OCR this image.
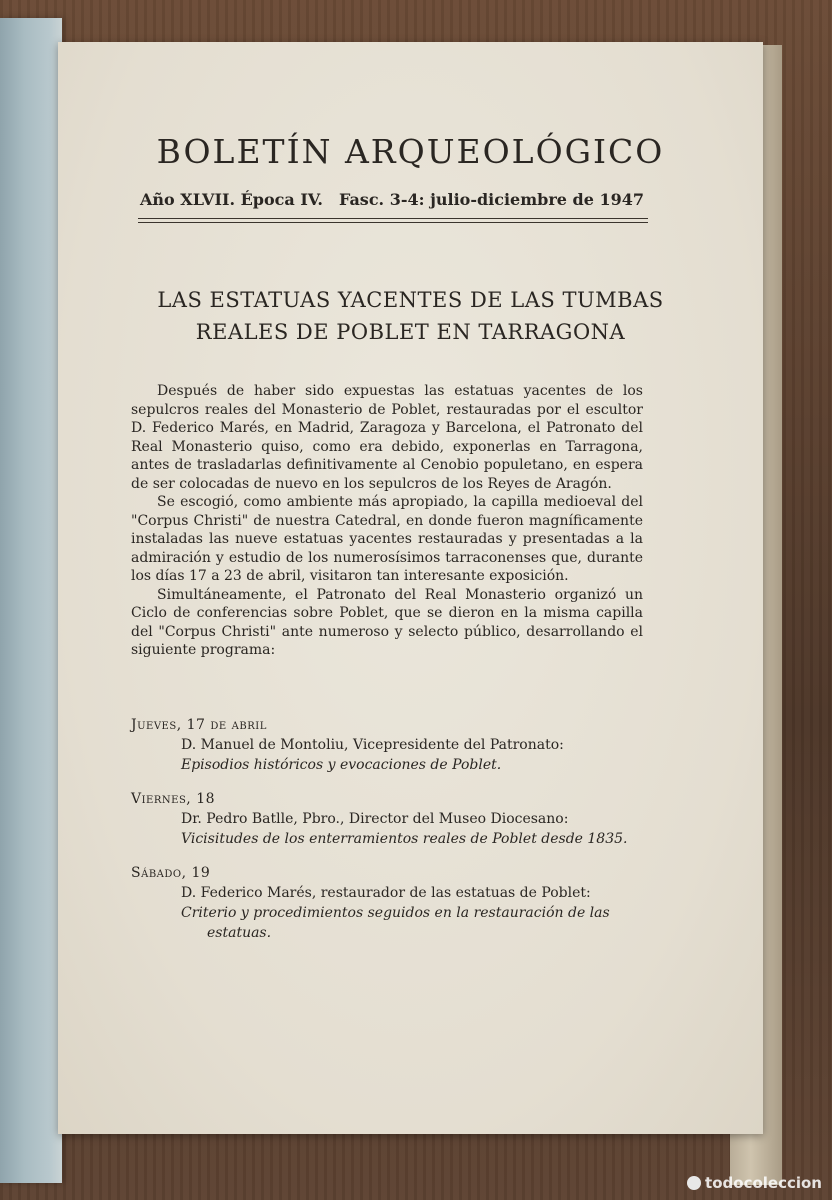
BOLETÍN ARQUEOLÓGICO
Año XLVII. Época IV. Fasc. 3-4: julio-diciembre de 1947
LAS ESTATUAS YACENTES DE LAS TUMBAS
REALES DE POBLET EN TARRAGONA

Después de haber sido expuestas las estatuas yacentes de los sepulcros reales del Monasterio de Poblet, restauradas por el escultor D. Federico Marés, en Madrid, Zaragoza y Barcelona, el Patronato del Real Monasterio quiso, como era debido, exponerlas en Tarragona, antes de trasladarlas definitivamente al Cenobio populetano, en espera de ser colocadas de nuevo en los sepulcros de los Reyes de Aragón.

Se escogió, como ambiente más apropiado, la capilla medioeval del "Corpus Christi" de nuestra Catedral, en donde fueron magníficamente instaladas las nueve estatuas yacentes restauradas y presentadas a la admiración y estudio de los numerosísimos tarraconenses que, durante los días 17 a 23 de abril, visitaron tan interesante exposición.

Simultáneamente, el Patronato del Real Monasterio organizó un Ciclo de conferencias sobre Poblet, que se dieron en la misma capilla del "Corpus Christi" ante numeroso y selecto público, desarrollando el siguiente programa:

Jueves, 17 de abril

D. Manuel de Montoliu, Vicepresidente del Patronato:

Episodios históricos y evocaciones de Poblet.

Viernes, 18

Dr. Pedro Batlle, Pbro., Director del Museo Diocesano:

Vicisitudes de los enterramientos reales de Poblet desde 1835.

Sábado, 19

D. Federico Marés, restaurador de las estatuas de Poblet:

Criterio y procedimientos seguidos en la restauración de las

estatuas.

todocoleccion
